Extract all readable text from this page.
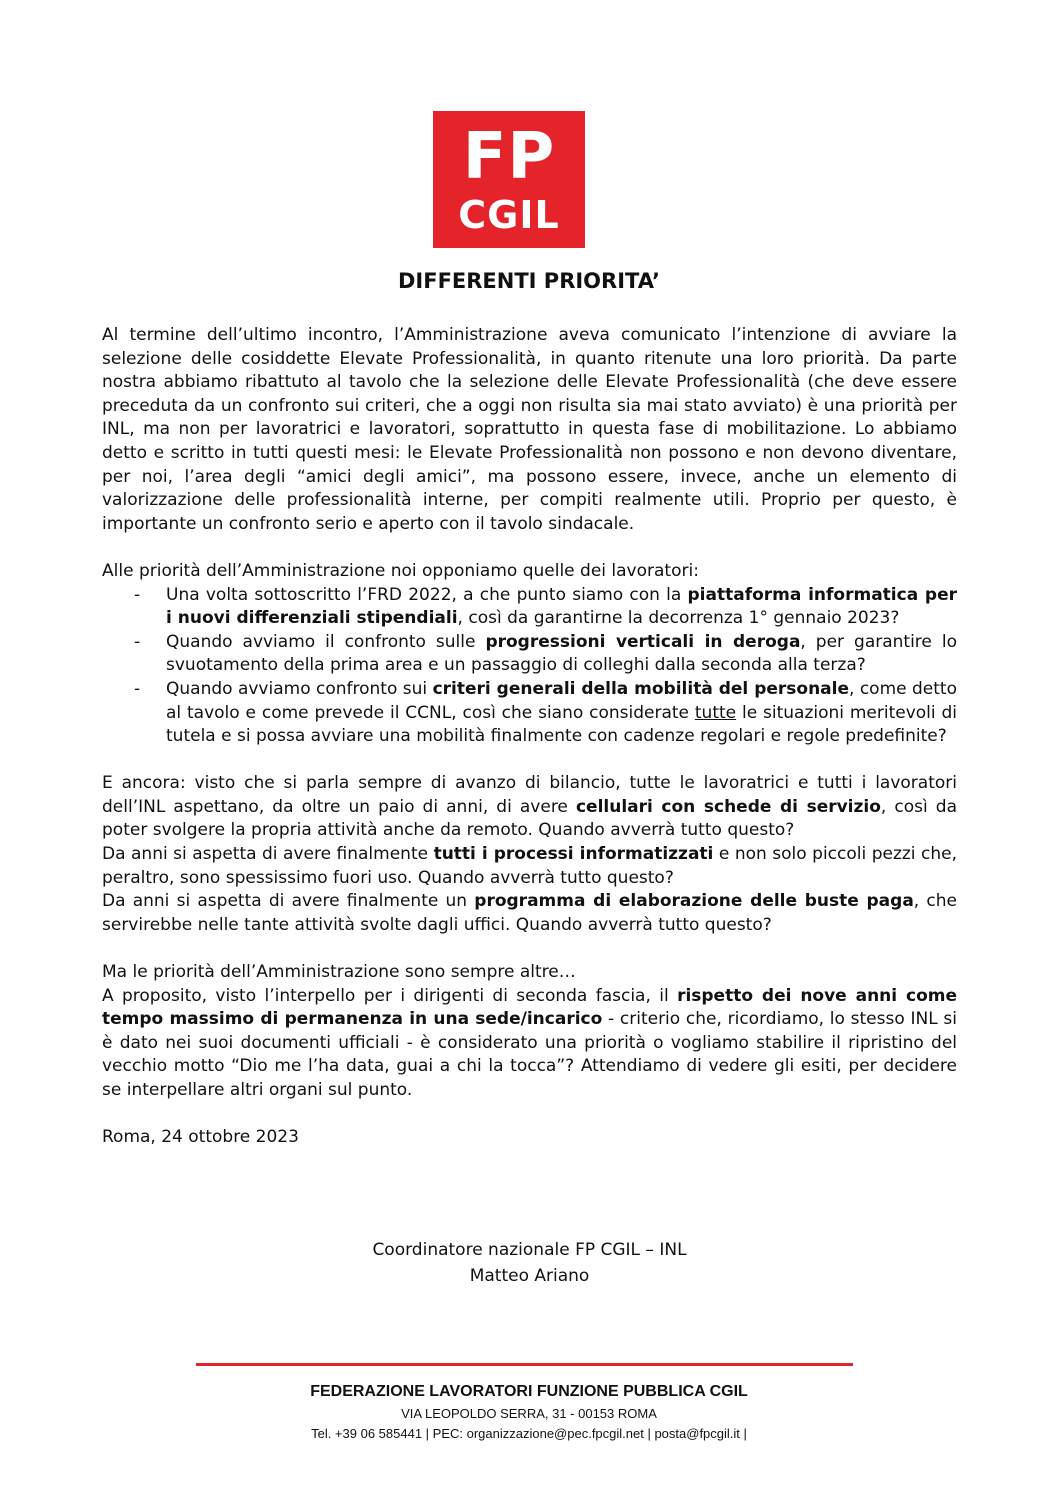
FP
CGIL
DIFFERENTI PRIORITA’

Al termine dell’ultimo incontro, l’Amministrazione aveva comunicato l’intenzione di avviare la selezione delle cosiddette Elevate Professionalità, in quanto ritenute una loro priorità. Da parte nostra abbiamo ribattuto al tavolo che la selezione delle Elevate Professionalità (che deve essere preceduta da un confronto sui criteri, che a oggi non risulta sia mai stato avviato) è una priorità per INL, ma non per lavoratrici e lavoratori, soprattutto in questa fase di mobilitazione. Lo abbiamo detto e scritto in tutti questi mesi: le Elevate Professionalità non possono e non devono diventare, per noi, l’area degli “amici degli amici”, ma possono essere, invece, anche un elemento di valorizzazione delle professionalità interne, per compiti realmente utili. Proprio per questo, è importante un confronto serio e aperto con il tavolo sindacale.

Alle priorità dell’Amministrazione noi opponiamo quelle dei lavoratori:

- Una volta sottoscritto l’FRD 2022, a che punto siamo con la piattaforma informatica per i nuovi differenziali stipendiali, così da garantirne la decorrenza 1° gennaio 2023?
- Quando avviamo il confronto sulle progressioni verticali in deroga, per garantire lo svuotamento della prima area e un passaggio di colleghi dalla seconda alla terza?
- Quando avviamo confronto sui criteri generali della mobilità del personale, come detto al tavolo e come prevede il CCNL, così che siano considerate tutte le situazioni meritevoli di tutela e si possa avviare una mobilità finalmente con cadenze regolari e regole predefinite?

E ancora: visto che si parla sempre di avanzo di bilancio, tutte le lavoratrici e tutti i lavoratori dell’INL aspettano, da oltre un paio di anni, di avere cellulari con schede di servizio, così da poter svolgere la propria attività anche da remoto. Quando avverrà tutto questo?

Da anni si aspetta di avere finalmente tutti i processi informatizzati e non solo piccoli pezzi che, peraltro, sono spessissimo fuori uso. Quando avverrà tutto questo?

Da anni si aspetta di avere finalmente un programma di elaborazione delle buste paga, che servirebbe nelle tante attività svolte dagli uffici. Quando avverrà tutto questo?

Ma le priorità dell’Amministrazione sono sempre altre…

A proposito, visto l’interpello per i dirigenti di seconda fascia, il rispetto dei nove anni come tempo massimo di permanenza in una sede/incarico - criterio che, ricordiamo, lo stesso INL si è dato nei suoi documenti ufficiali - è considerato una priorità o vogliamo stabilire il ripristino del vecchio motto “Dio me l’ha data, guai a chi la tocca”? Attendiamo di vedere gli esiti, per decidere se interpellare altri organi sul punto.

Roma, 24 ottobre 2023

Coordinatore nazionale FP CGIL – INL

Matteo Ariano

FEDERAZIONE LAVORATORI FUNZIONE PUBBLICA CGIL
VIA LEOPOLDO SERRA, 31 - 00153 ROMA
Tel. +39 06 585441 | PEC: organizzazione@pec.fpcgil.net | posta@fpcgil.it |
